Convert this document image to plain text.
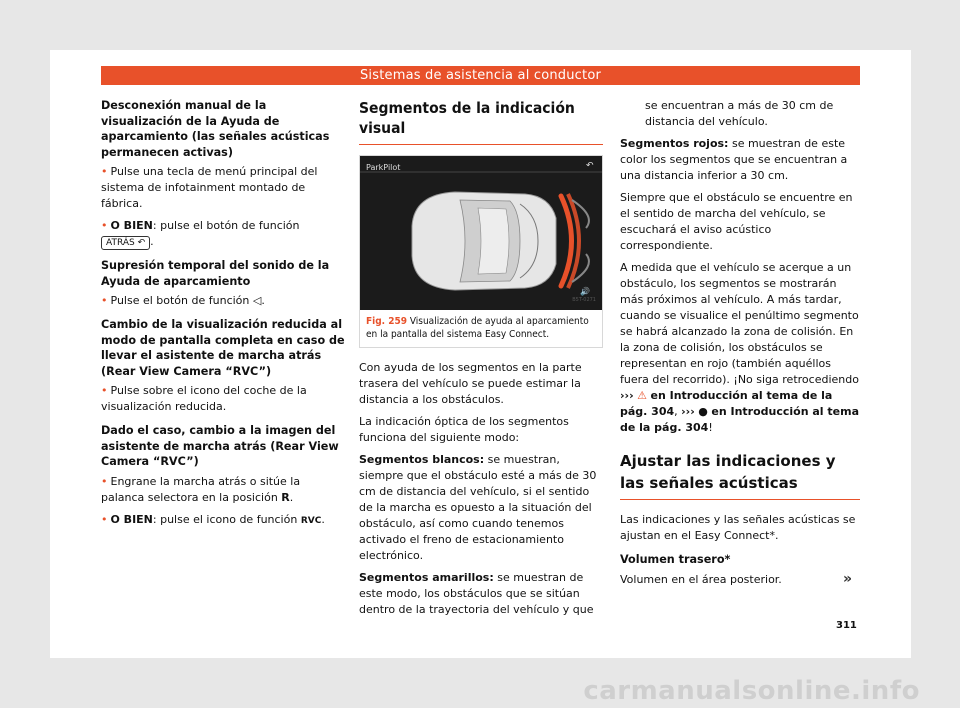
Sistemas de asistencia al conductor
Desconexión manual de la visualización de la Ayuda de aparcamiento (las señales acústicas permanecen activas)

• Pulse una tecla de menú principal del sistema de infotainment montado de fábrica.

• O BIEN: pulse el botón de función ATRÁS ↶ .

Supresión temporal del sonido de la Ayuda de aparcamiento

• Pulse el botón de función ◁.

Cambio de la visualización reducida al modo de pantalla completa en caso de llevar el asistente de marcha atrás (Rear View Camera “RVC”)

• Pulse sobre el icono del coche de la visualización reducida.

Dado el caso, cambio a la imagen del asistente de marcha atrás (Rear View Camera “RVC”)

• Engrane la marcha atrás o sitúe la palanca selectora en la posición R.

• O BIEN: pulse el icono de función RVC.

Segmentos de la indicación visual
ParkPilot	↶
🔊
B5T-0271
Fig. 259 Visualización de ayuda al aparcamiento en la pantalla del sistema Easy Connect.

Con ayuda de los segmentos en la parte trasera del vehículo se puede estimar la distancia a los obstáculos.

La indicación óptica de los segmentos funciona del siguiente modo:

Segmentos blancos: se muestran, siempre que el obstáculo esté a más de 30 cm de distancia del vehículo, si el sentido de la marcha es opuesto a la situación del obstáculo, así como cuando tenemos activado el freno de estacionamiento electrónico.
Segmentos amarillos: se muestran de este modo, los obstáculos que se sitúan dentro de la trayectoria del vehículo y que

se encuentran a más de 30 cm de distancia del vehículo.

Segmentos rojos: se muestran de este color los segmentos que se encuentran a una distancia inferior a 30 cm.

Siempre que el obstáculo se encuentre en el sentido de marcha del vehículo, se escuchará el aviso acústico correspondiente.

A medida que el vehículo se acerque a un obstáculo, los segmentos se mostrarán más próximos al vehículo. A más tardar, cuando se visualice el penúltimo segmento se habrá alcanzado la zona de colisión. En la zona de colisión, los obstáculos se representan en rojo (también aquéllos fuera del recorrido). ¡No siga retrocediendo ››› ⚠ en Introducción al tema de la pág. 304, ››› ● en Introducción al tema de la pág. 304!

Ajustar las indicaciones y las señales acústicas

Las indicaciones y las señales acústicas se ajustan en el Easy Connect*.

Volumen trasero*

Volumen en el área posterior.	»
311
carmanualsonline.info
